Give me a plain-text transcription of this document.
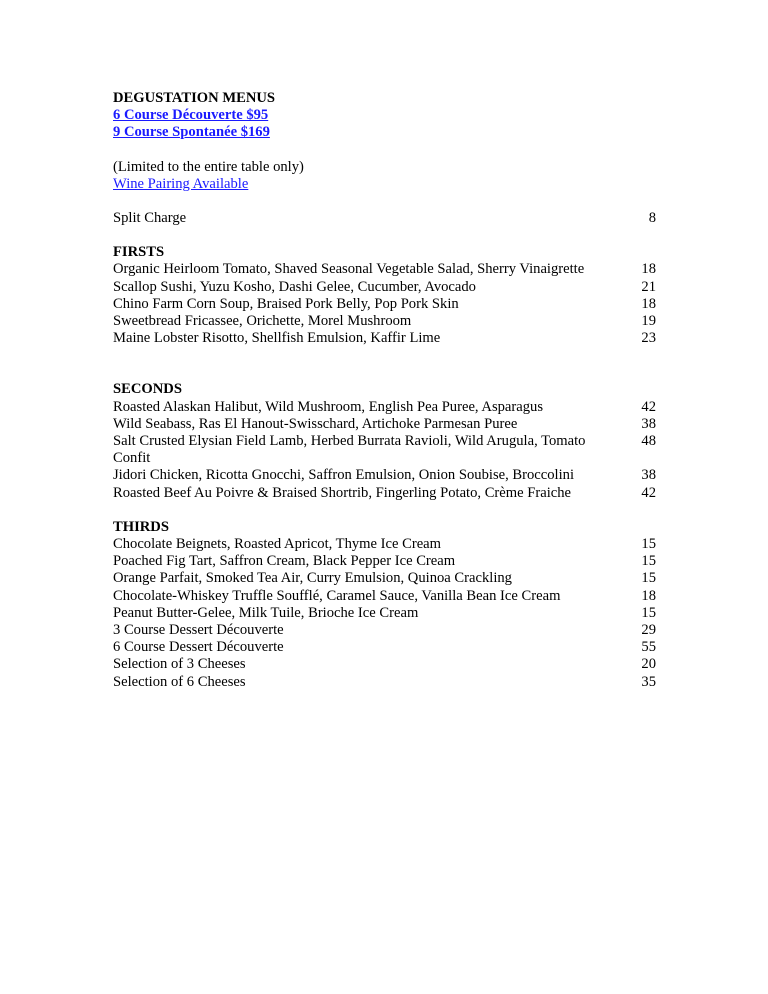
DEGUSTATION MENUS
6 Course Découverte $95
9 Course Spontanée $169
(Limited to the entire table only)
Wine Pairing Available
Split Charge	8
FIRSTS
Organic Heirloom Tomato, Shaved Seasonal Vegetable Salad, Sherry Vinaigrette	18
Scallop Sushi, Yuzu Kosho, Dashi Gelee, Cucumber, Avocado	21
Chino Farm Corn Soup, Braised Pork Belly, Pop Pork Skin	18
Sweetbread Fricassee, Orichette, Morel Mushroom	19
Maine Lobster Risotto, Shellfish Emulsion, Kaffir Lime	23
SECONDS
Roasted Alaskan Halibut, Wild Mushroom, English Pea Puree, Asparagus	42
Wild Seabass, Ras El Hanout-Swisschard, Artichoke Parmesan Puree	38
Salt Crusted Elysian Field Lamb, Herbed Burrata Ravioli, Wild Arugula, Tomato Confit
48
Jidori Chicken, Ricotta Gnocchi, Saffron Emulsion, Onion Soubise, Broccolini	38
Roasted Beef Au Poivre & Braised Shortrib, Fingerling Potato, Crème Fraiche	42
THIRDS
Chocolate Beignets, Roasted Apricot, Thyme Ice Cream	15
Poached Fig Tart, Saffron Cream, Black Pepper Ice Cream	15
Orange Parfait, Smoked Tea Air, Curry Emulsion, Quinoa Crackling	15
Chocolate-Whiskey Truffle Soufflé, Caramel Sauce, Vanilla Bean Ice Cream	18
Peanut Butter-Gelee, Milk Tuile, Brioche Ice Cream	15
3 Course Dessert Découverte	29
6 Course Dessert Découverte	55
Selection of 3 Cheeses	20
Selection of 6 Cheeses	35
